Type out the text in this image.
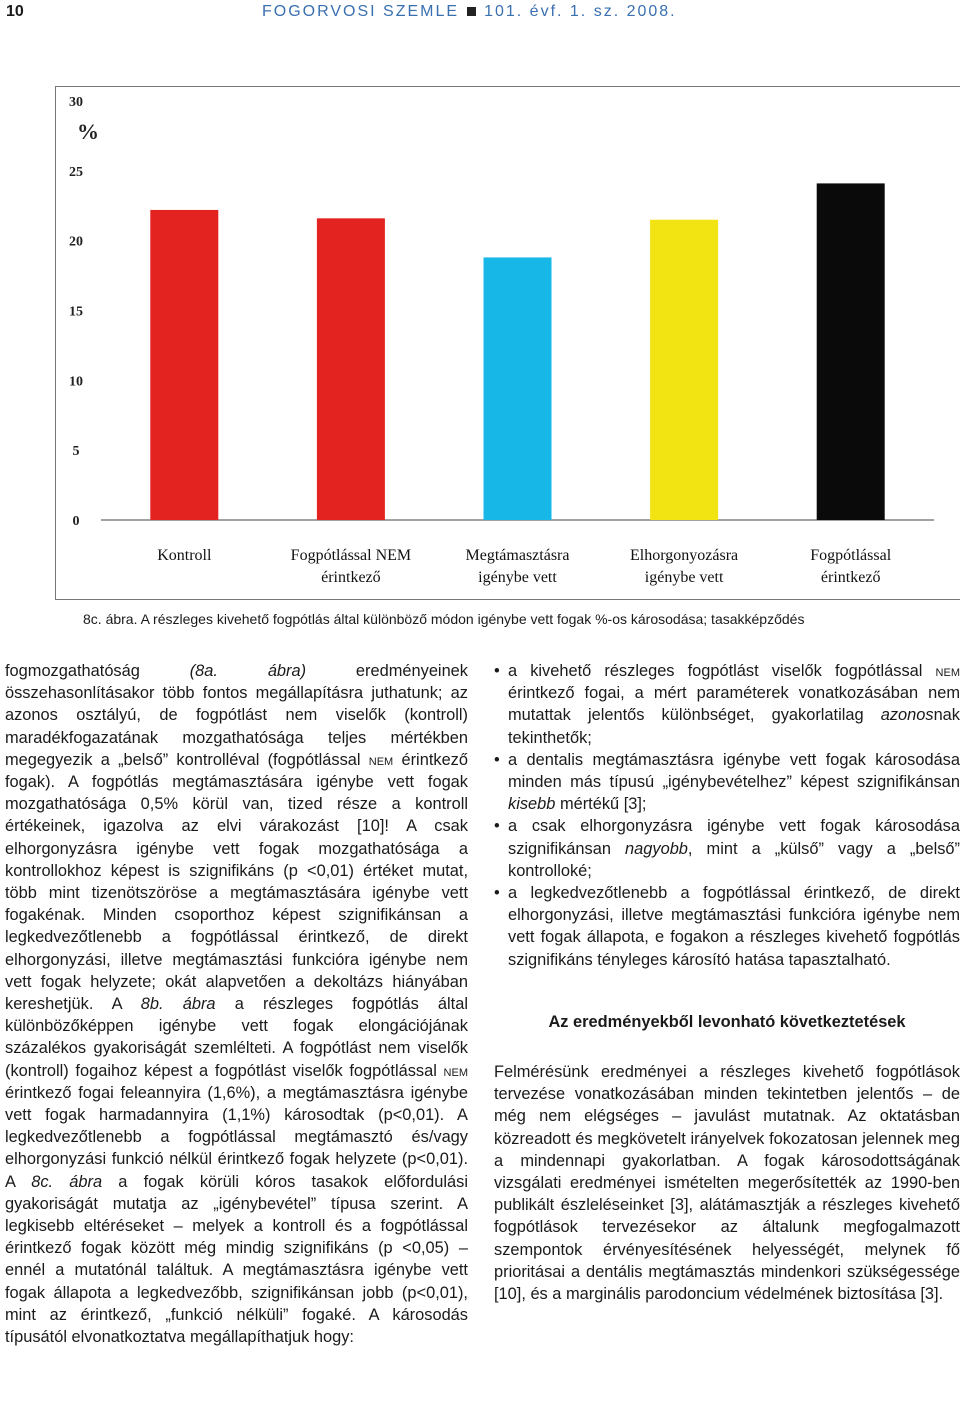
10	FOGORVOSI SZEMLE 101. évf. 1. sz. 2008.
0
5
10
15
20
25
30
%
Kontroll	Fogpótlással NEM
érintkező
Megtámasztásra
igénybe vett
Elhorgonyozásra
igénybe vett
Fogpótlással
érintkező
8c. ábra. A részleges kivehető fogpótlás által különböző módon igénybe vett fogak %-os károsodása; tasakképződés

fogmozgathatóság (8a. ábra) eredményeinek összehasonlításakor több fontos megállapításra juthatunk; az azonos osztályú, de fogpótlást nem viselők (kontroll) maradékfogazatának mozgathatósága teljes mértékben megegyezik a „belső” kontrolléval (fogpótlással nem érintkező fogak). A fogpótlás megtámasztására igénybe vett fogak mozgathatósága 0,5% körül van, tized része a kontroll értékeinek, igazolva az elvi várakozást [10]! A csak elhorgonyzásra igénybe vett fogak mozgathatósága a kontrollokhoz képest is szignifikáns (p <0,01) értéket mutat, több mint tizenötszöröse a megtámasztására igénybe vett fogakénak. Minden csoporthoz képest szignifikánsan a legkedvezőtlenebb a fogpótlással érintkező, de direkt elhorgonyzási, illetve megtámasztási funkcióra igénybe nem vett fogak helyzete; okát alapvetően a dekoltázs hiányában kereshetjük. A 8b. ábra a részleges fogpótlás által különbözőképpen igénybe vett fogak elongációjának százalékos gyakoriságát szemlélteti. A fogpótlást nem viselők (kontroll) fogaihoz képest a fogpótlást viselők fogpótlással nem érintkező fogai feleannyira (1,6%), a megtámasztásra igénybe vett fogak harmadannyira (1,1%) károsodtak (p<0,01). A legkedvezőtlenebb a fogpótlással megtámasztó és/vagy elhorgonyzási funkció nélkül érintkező fogak helyzete (p<0,01). A 8c. ábra a fogak körüli kóros tasakok előfordulási gyakoriságát mutatja az „igénybevétel” típusa szerint. A legkisebb eltéréseket – melyek a kontroll és a fogpótlással érintkező fogak között még mindig szignifikáns (p <0,05) – ennél a mutatónál találtuk. A megtámasztásra igénybe vett fogak állapota a legkedvezőbb, szignifikánsan jobb (p<0,01), mint az érintkező, „funkció nélküli” fogaké. A károsodás típusától elvonatkoztatva megállapíthatjuk hogy:

• a kivehető részleges fogpótlást viselők fogpótlással nem érintkező fogai, a mért paraméterek vonatkozásában nem mutattak jelentős különbséget, gyakorlatilag azonosnak tekinthetők;
• a dentalis megtámasztásra igénybe vett fogak károsodása minden más típusú „igénybevételhez” képest szignifikánsan kisebb mértékű [3];
• a csak elhorgonyzásra igénybe vett fogak károsodása szignifikánsan nagyobb, mint a „külső” vagy a „belső” kontrolloké;
• a legkedvezőtlenebb a fogpótlással érintkező, de direkt elhorgonyzási, illetve megtámasztási funkcióra igénybe nem vett fogak állapota, e fogakon a részleges kivehető fogpótlás szignifikáns tényleges károsító hatása tapasztalható.
Az eredményekből levonható következtetések

Felmérésünk eredményei a részleges kivehető fogpótlások tervezése vonatkozásában minden tekintetben jelentős – de még nem elégséges – javulást mutatnak. Az oktatásban közreadott és megkövetelt irányelvek fokozatosan jelennek meg a mindennapi gyakorlatban. A fogak károsodottságának vizsgálati eredményei ismételten megerősítették az 1990-ben publikált észleléseinket [3], alátámasztják a részleges kivehető fogpótlások tervezésekor az általunk megfogalmazott szempontok érvényesítésének helyességét, melynek fő prioritásai a dentális megtámasztás mindenkori szükségessége [10], és a marginális parodoncium védelmének biztosítása [3].
